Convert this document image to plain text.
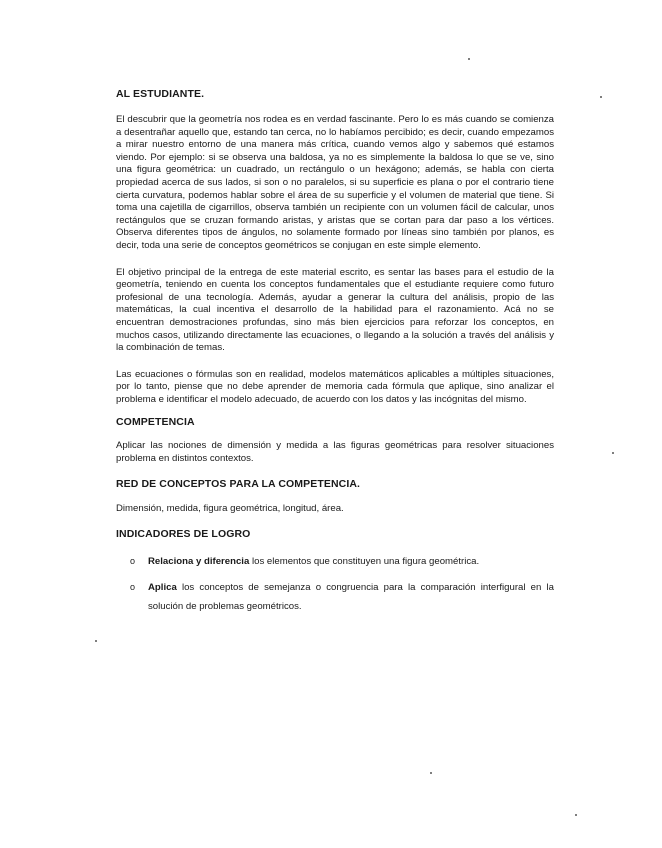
AL ESTUDIANTE.

El descubrir que la geometría nos rodea es en verdad fascinante. Pero lo es más cuando se comienza a desentrañar aquello que, estando tan cerca, no lo habíamos percibido; es decir, cuando empezamos a mirar nuestro entorno de una manera más crítica, cuando vemos algo y sabemos qué estamos viendo. Por ejemplo: si se observa una baldosa, ya no es simplemente la baldosa lo que se ve, sino una figura geométrica: un cuadrado, un rectángulo o un hexágono; además, se habla con cierta propiedad acerca de sus lados, si son o no paralelos, si su superficie es plana o por el contrario tiene cierta curvatura, podemos hablar sobre el área de su superficie y el volumen de material que tiene. Si toma una cajetilla de cigarrillos, observa también un recipiente con un volumen fácil de calcular, unos rectángulos que se cruzan formando aristas, y aristas que se cortan para dar paso a los vértices. Observa diferentes tipos de ángulos, no solamente formado por líneas sino también por planos, es decir, toda una serie de conceptos geométricos se conjugan en este simple elemento.

El objetivo principal de la entrega de este material escrito, es sentar las bases para el estudio de la geometría, teniendo en cuenta los conceptos fundamentales que el estudiante requiere como futuro profesional de una tecnología. Además, ayudar a generar la cultura del análisis, propio de las matemáticas, la cual incentiva el desarrollo de la habilidad para el razonamiento. Acá no se encuentran demostraciones profundas, sino más bien ejercicios para reforzar los conceptos, en muchos casos, utilizando directamente las ecuaciones, o llegando a la solución a través del análisis y la combinación de temas.

Las ecuaciones o fórmulas son en realidad, modelos matemáticos aplicables a múltiples situaciones, por lo tanto, piense que no debe aprender de memoria cada fórmula que aplique, sino analizar el problema e identificar el modelo adecuado, de acuerdo con los datos y las incógnitas del mismo.

COMPETENCIA

Aplicar las nociones de dimensión y medida a las figuras geométricas para resolver situaciones problema en distintos contextos.

RED DE CONCEPTOS PARA LA COMPETENCIA.

Dimensión, medida, figura geométrica, longitud, área.

INDICADORES DE LOGRO
o Relaciona y diferencia los elementos que constituyen una figura geométrica.
o Aplica los conceptos de semejanza o congruencia para la comparación interfigural en la solución de problemas geométricos.
